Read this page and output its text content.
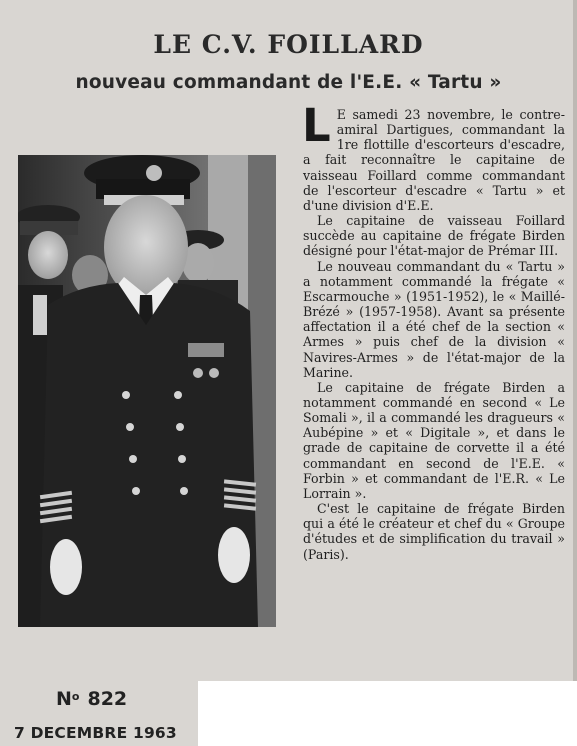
LE C.V. FOILLARD
nouveau commandant de l'E.E. « Tartu »

L E samedi 23 novembre, le contre-amiral Dartigues, commandant la 1re flottille d'escorteurs d'escadre, a fait reconnaître le capitaine de vaisseau Foillard comme commandant de l'escorteur d'escadre « Tartu » et d'une division d'E.E.

Le capitaine de vaisseau Foillard succède au capitaine de frégate Birden désigné pour l'état-major de Prémar III.

Le nouveau commandant du « Tartu » a notamment commandé la frégate « Escarmouche » (1951-1952), le « Maillé-Brézé » (1957-1958). Avant sa présente affectation il a été chef de la section « Armes » puis chef de la division « Navires-Armes » de l'état-major de la Marine.

Le capitaine de frégate Birden a notamment commandé en second « Le Somali », il a commandé les dragueurs « Aubépine » et « Digitale », et dans le grade de capitaine de corvette il a été commandant en second de l'E.E. « Forbin » et commandant de l'E.R. « Le Lorrain ».

C'est le capitaine de frégate Birden qui a été le créateur et chef du « Groupe d'études et de simplification du travail » (Paris).

$N^o$ 822
7 DECEMBRE 1963
